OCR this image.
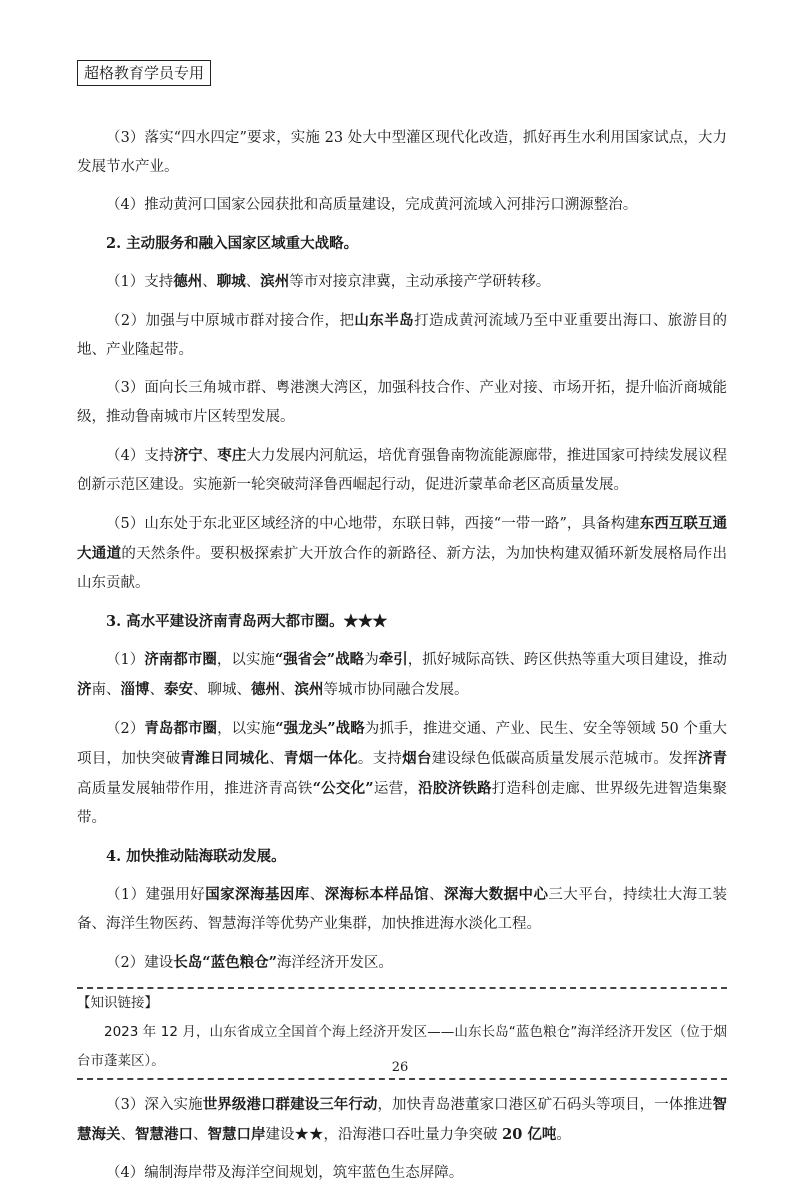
超格教育学员专用

（3）落实“四水四定”要求，实施 23 处大中型灌区现代化改造，抓好再生水利用国家试点，大力发展节水产业。

（4）推动黄河口国家公园获批和高质量建设，完成黄河流域入河排污口溯源整治。

2. 主动服务和融入国家区域重大战略。

（1）支持德州、聊城、滨州等市对接京津冀，主动承接产学研转移。

（2）加强与中原城市群对接合作，把山东半岛打造成黄河流域乃至中亚重要出海口、旅游目的地、产业隆起带。

（3）面向长三角城市群、粤港澳大湾区，加强科技合作、产业对接、市场开拓，提升临沂商城能级，推动鲁南城市片区转型发展。

（4）支持济宁、枣庄大力发展内河航运，培优育强鲁南物流能源廊带，推进国家可持续发展议程创新示范区建设。实施新一轮突破菏泽鲁西崛起行动，促进沂蒙革命老区高质量发展。

（5）山东处于东北亚区域经济的中心地带，东联日韩，西接“一带一路”，具备构建东西互联互通大通道的天然条件。要积极探索扩大开放合作的新路径、新方法，为加快构建双循环新发展格局作出山东贡献。

3. 高水平建设济南青岛两大都市圈。★★★

（1）济南都市圈，以实施“强省会”战略为牵引，抓好城际高铁、跨区供热等重大项目建设，推动济南、淄博、泰安、聊城、德州、滨州等城市协同融合发展。

（2）青岛都市圈，以实施“强龙头”战略为抓手，推进交通、产业、民生、安全等领域 50 个重大项目，加快突破青潍日同城化、青烟一体化。支持烟台建设绿色低碳高质量发展示范城市。发挥济青高质量发展轴带作用，推进济青高铁“公交化”运营，沿胶济铁路打造科创走廊、世界级先进智造集聚带。

4. 加快推动陆海联动发展。

（1）建强用好国家深海基因库、深海标本样品馆、深海大数据中心三大平台，持续壮大海工装备、海洋生物医药、智慧海洋等优势产业集群，加快推进海水淡化工程。

（2）建设长岛“蓝色粮仓”海洋经济开发区。

【知识链接】

2023 年 12 月，山东省成立全国首个海上经济开发区——山东长岛“蓝色粮仓”海洋经济开发区（位于烟台市蓬莱区）。

（3）深入实施世界级港口群建设三年行动，加快青岛港董家口港区矿石码头等项目，一体推进智慧海关、智慧港口、智慧口岸建设★★，沿海港口吞吐量力争突破 20 亿吨。

（4）编制海岸带及海洋空间规划，筑牢蓝色生态屏障。

26
